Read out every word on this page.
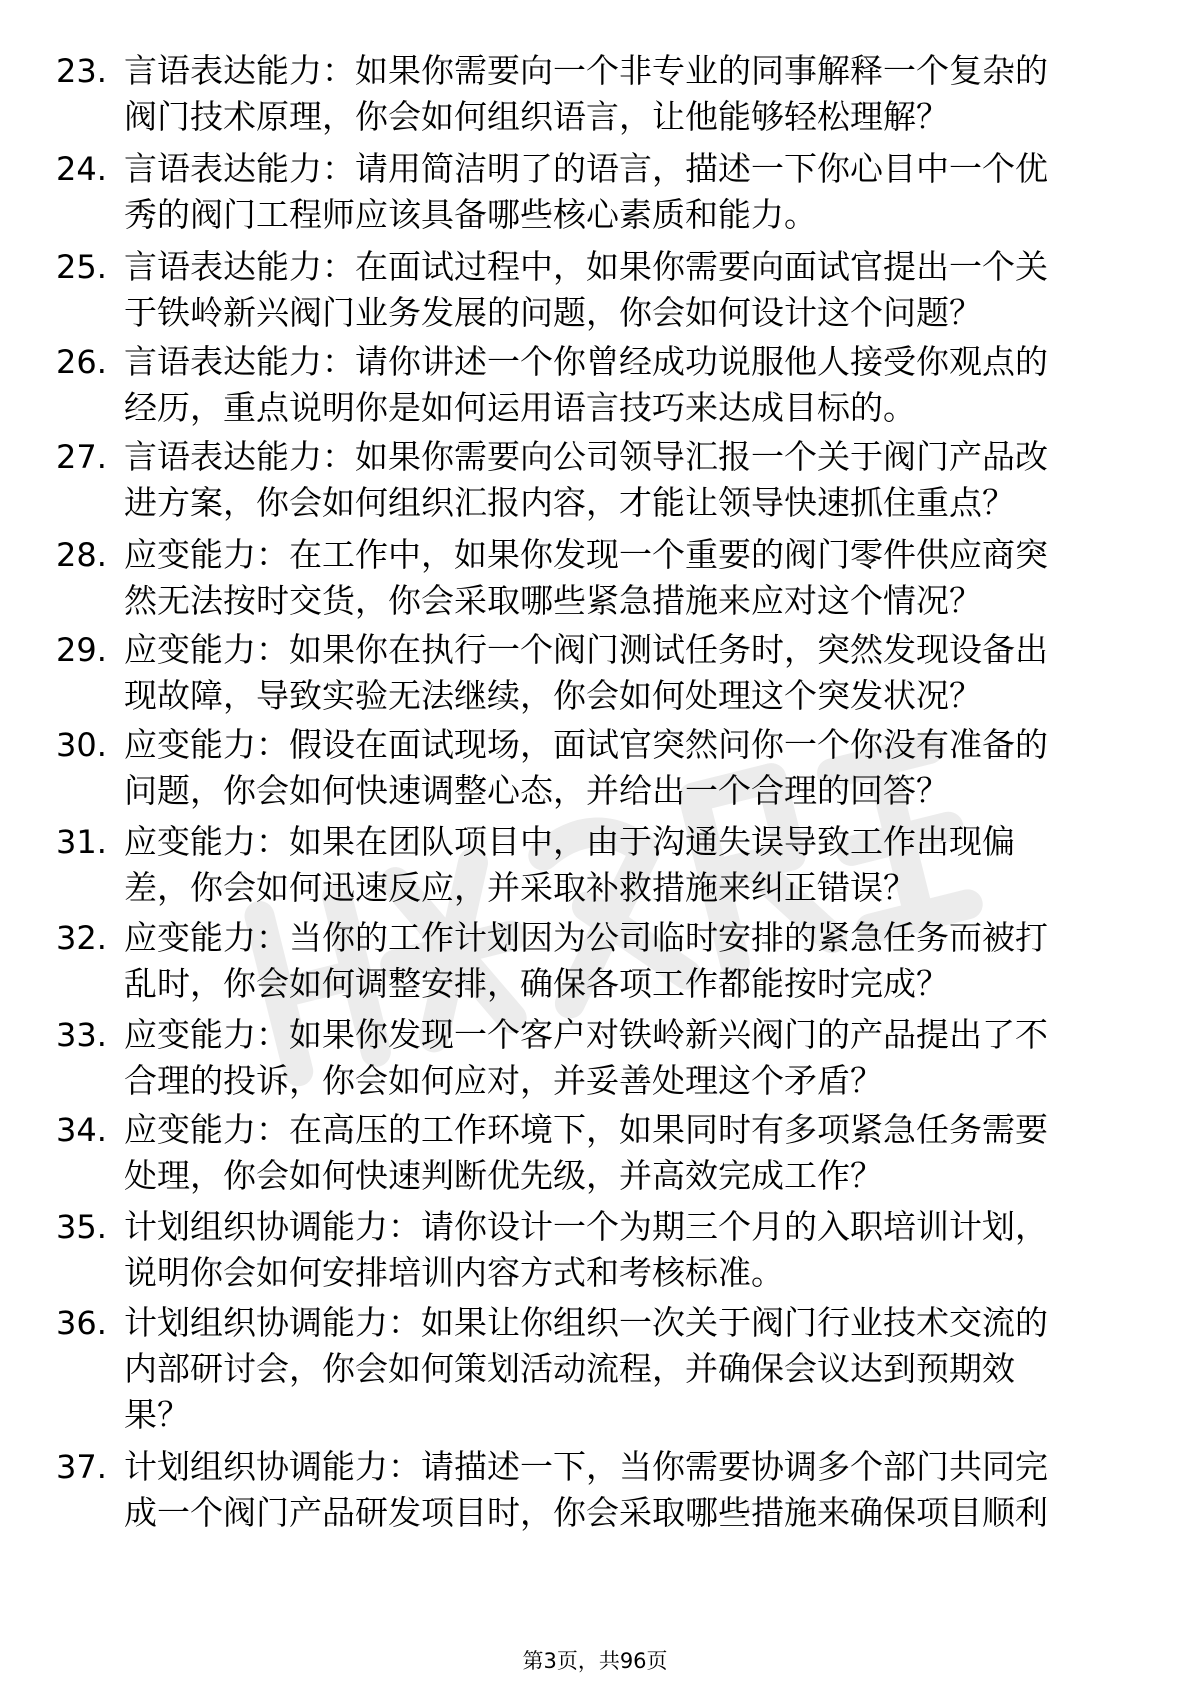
23. 言语表达能力：如果你需要向一个非专业的同事解释一个复杂的
阀门技术原理，你会如何组织语言，让他能够轻松理解？
24. 言语表达能力：请用简洁明了的语言，描述一下你心目中一个优
秀的阀门工程师应该具备哪些核心素质和能力。
25. 言语表达能力：在面试过程中，如果你需要向面试官提出一个关
于铁岭新兴阀门业务发展的问题，你会如何设计这个问题？
26. 言语表达能力：请你讲述一个你曾经成功说服他人接受你观点的
经历，重点说明你是如何运用语言技巧来达成目标的。
27. 言语表达能力：如果你需要向公司领导汇报一个关于阀门产品改
进方案，你会如何组织汇报内容，才能让领导快速抓住重点？
28. 应变能力：在工作中，如果你发现一个重要的阀门零件供应商突
然无法按时交货，你会采取哪些紧急措施来应对这个情况？
29. 应变能力：如果你在执行一个阀门测试任务时，突然发现设备出
现故障，导致实验无法继续，你会如何处理这个突发状况？
30. 应变能力：假设在面试现场，面试官突然问你一个你没有准备的
问题，你会如何快速调整心态，并给出一个合理的回答？
31. 应变能力：如果在团队项目中，由于沟通失误导致工作出现偏
差，你会如何迅速反应，并采取补救措施来纠正错误？
32. 应变能力：当你的工作计划因为公司临时安排的紧急任务而被打
乱时，你会如何调整安排，确保各项工作都能按时完成？
33. 应变能力：如果你发现一个客户对铁岭新兴阀门的产品提出了不
合理的投诉，你会如何应对，并妥善处理这个矛盾？
34. 应变能力：在高压的工作环境下，如果同时有多项紧急任务需要
处理，你会如何快速判断优先级，并高效完成工作？
35. 计划组织协调能力：请你设计一个为期三个月的入职培训计划，
说明你会如何安排培训内容方式和考核标准。
36. 计划组织协调能力：如果让你组织一次关于阀门行业技术交流的
内部研讨会，你会如何策划活动流程，并确保会议达到预期效
果？
37. 计划组织协调能力：请描述一下，当你需要协调多个部门共同完
成一个阀门产品研发项目时，你会采取哪些措施来确保项目顺利
第3页，共96页
